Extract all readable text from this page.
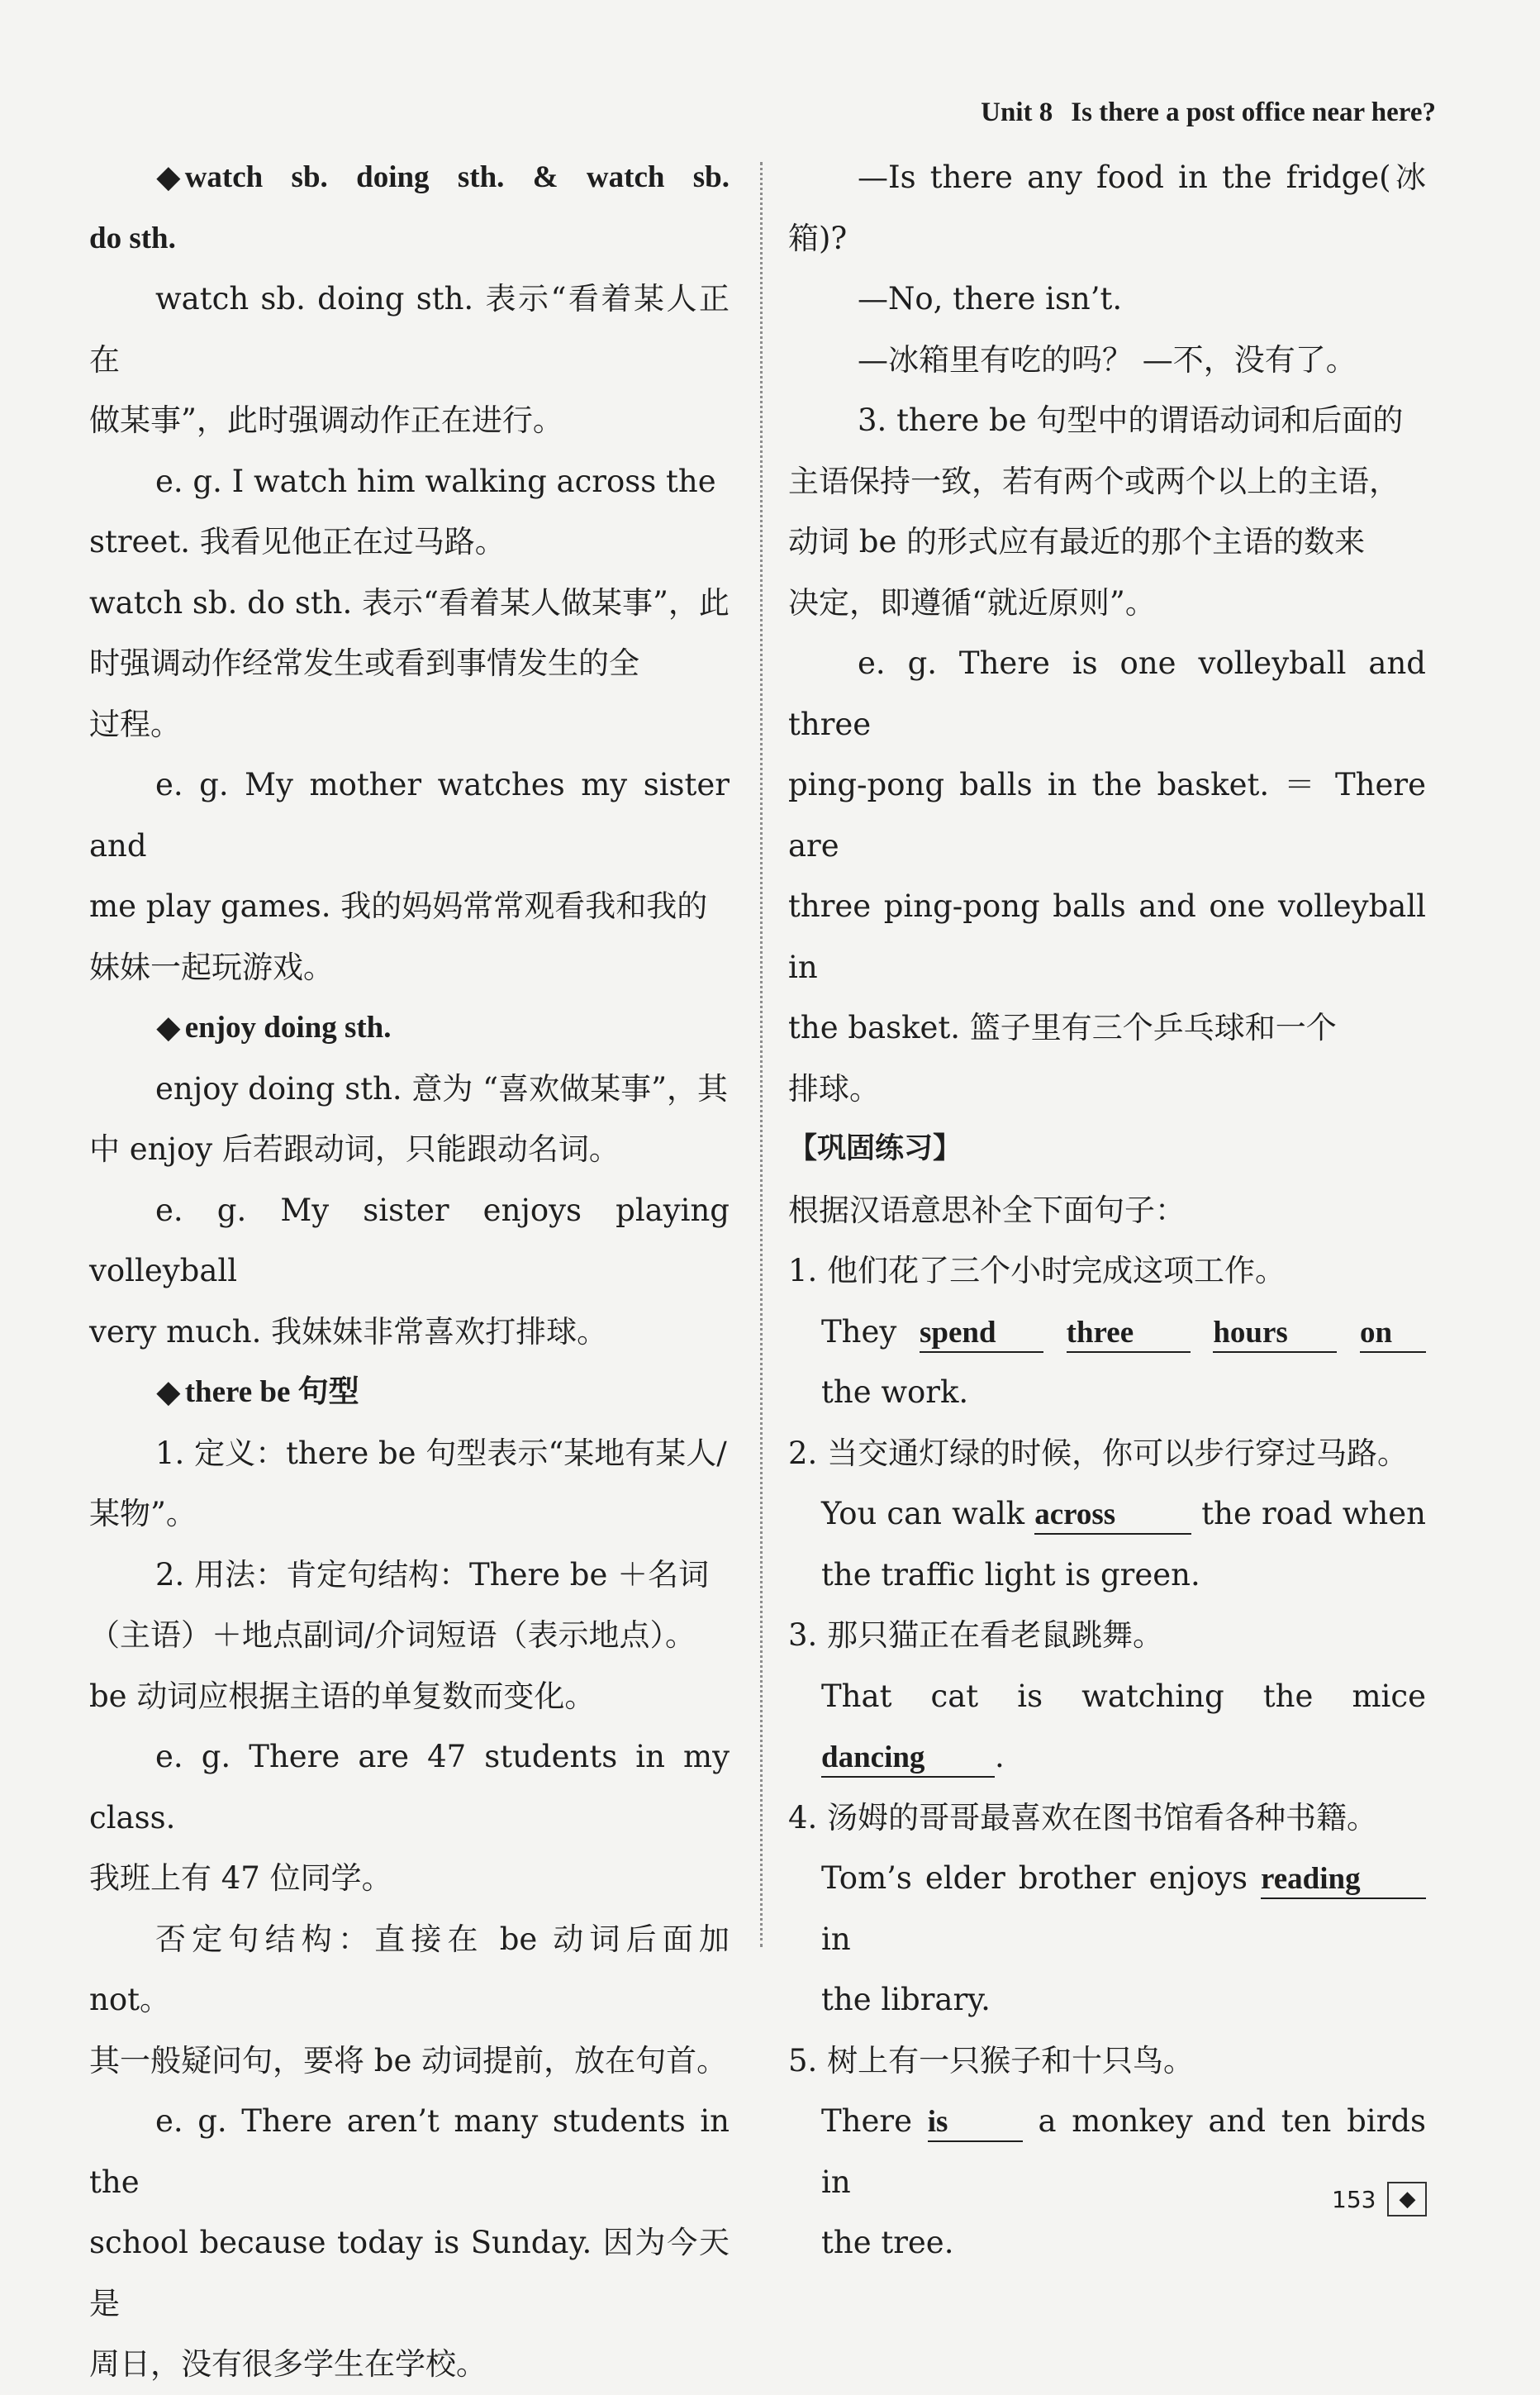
Unit 8 Is there a post office near here?

◆ watch sb. doing sth. & watch sb.

do sth.

watch sb. doing sth. 表示“看着某人正在
做某事”，此时强调动作正在进行。

e. g. I watch him walking across the
street. 我看见他正在过马路。

watch sb. do sth. 表示“看着某人做某事”，此
时强调动作经常发生或看到事情发生的全
过程。

e. g. My mother watches my sister and
me play games. 我的妈妈常常观看我和我的
妹妹一起玩游戏。

◆ enjoy doing sth.

enjoy doing sth. 意为 “喜欢做某事”，其
中 enjoy 后若跟动词，只能跟动名词。

e. g. My sister enjoys playing volleyball
very much. 我妹妹非常喜欢打排球。

◆ there be 句型

1. 定义：there be 句型表示“某地有某人/
某物”。

2. 用法：肯定句结构：There be ＋名词
（主语）＋地点副词/介词短语（表示地点）。
be 动词应根据主语的单复数而变化。

e. g. There are 47 students in my class.
我班上有 47 位同学。

否定句结构：直接在 be 动词后面加 not。
其一般疑问句，要将 be 动词提前，放在句首。

e. g. There aren’t many students in the
school because today is Sunday. 因为今天是
周日，没有很多学生在学校。

—Is there any food in the fridge(冰箱)?

—No, there isn’t.

—冰箱里有吃的吗？ —不，没有了。

3. there be 句型中的谓语动词和后面的
主语保持一致，若有两个或两个以上的主语，
动词 be 的形式应有最近的那个主语的数来
决定，即遵循“就近原则”。

e. g. There is one volleyball and three
ping-pong balls in the basket. ＝ There are
three ping-pong balls and one volleyball in
the basket. 篮子里有三个乒乓球和一个
排球。

【巩固练习】

根据汉语意思补全下面句子：

1. 他们花了三个小时完成这项工作。

They spend three	hours on

the work.

2. 当交通灯绿的时候，你可以步行穿过马路。

You can walk across	the road when

the traffic light is green.

3. 那只猫正在看老鼠跳舞。

That cat is watching the mice

dancing .

4. 汤姆的哥哥最喜欢在图书馆看各种书籍。

Tom’s elder brother enjoys reading in

the library.

5. 树上有一只猴子和十只鸟。

There is	a monkey and ten birds in

the tree.

153 ◆
